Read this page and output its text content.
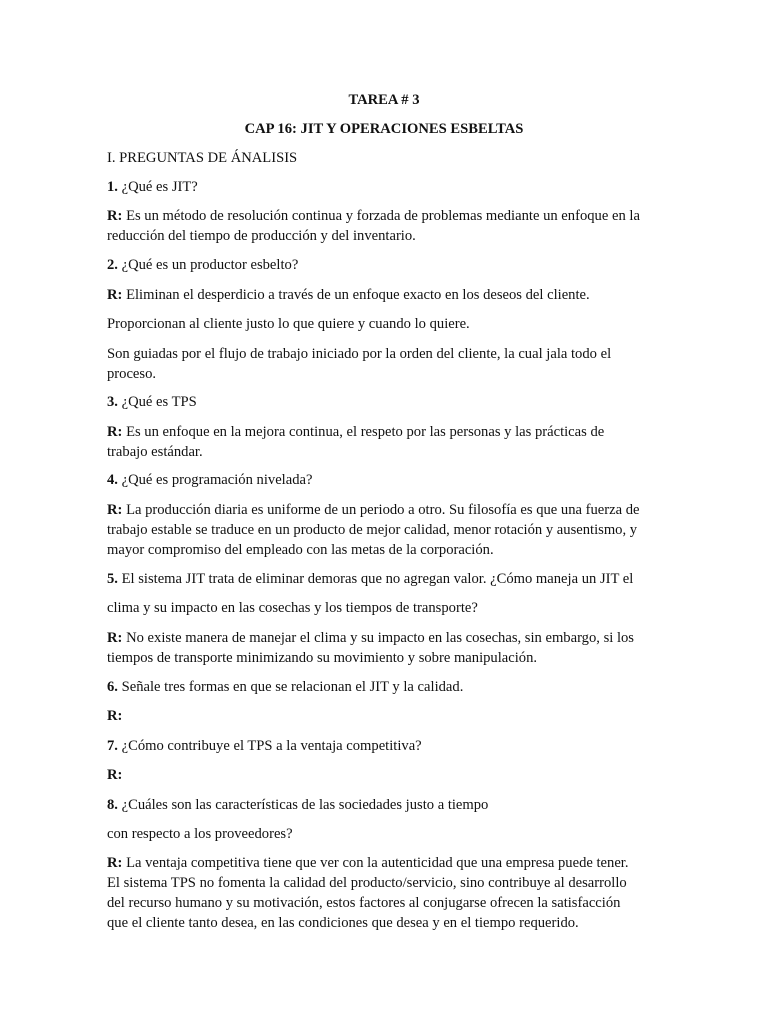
TAREA # 3

CAP 16: JIT Y OPERACIONES ESBELTAS

I. PREGUNTAS DE ÁNALISIS

1. ¿Qué es JIT?

R: Es un método de resolución continua y forzada de problemas mediante un enfoque en la

reducción del tiempo de producción y del inventario.

2. ¿Qué es un productor esbelto?

R: Eliminan el desperdicio a través de un enfoque exacto en los deseos del cliente.

Proporcionan al cliente justo lo que quiere y cuando lo quiere.

Son guiadas por el flujo de trabajo iniciado por la orden del cliente, la cual jala todo el

proceso.

3. ¿Qué es TPS

R: Es un enfoque en la mejora continua, el respeto por las personas y las prácticas de

trabajo estándar.

4. ¿Qué es programación nivelada?

R: La producción diaria es uniforme de un periodo a otro. Su filosofía es que una fuerza de

trabajo estable se traduce en un producto de mejor calidad, menor rotación y ausentismo, y

mayor compromiso del empleado con las metas de la corporación.

5. El sistema JIT trata de eliminar demoras que no agregan valor. ¿Cómo maneja un JIT el

clima y su impacto en las cosechas y los tiempos de transporte?

R: No existe manera de manejar el clima y su impacto en las cosechas, sin embargo, si los

tiempos de transporte minimizando su movimiento y sobre manipulación.

6. Señale tres formas en que se relacionan el JIT y la calidad.

R:

7. ¿Cómo contribuye el TPS a la ventaja competitiva?

R:

8. ¿Cuáles son las características de las sociedades justo a tiempo

con respecto a los proveedores?

R: La ventaja competitiva tiene que ver con la autenticidad que una empresa puede tener.

El sistema TPS no fomenta la calidad del producto/servicio, sino contribuye al desarrollo

del recurso humano y su motivación, estos factores al conjugarse ofrecen la satisfacción

que el cliente tanto desea, en las condiciones que desea y en el tiempo requerido.
